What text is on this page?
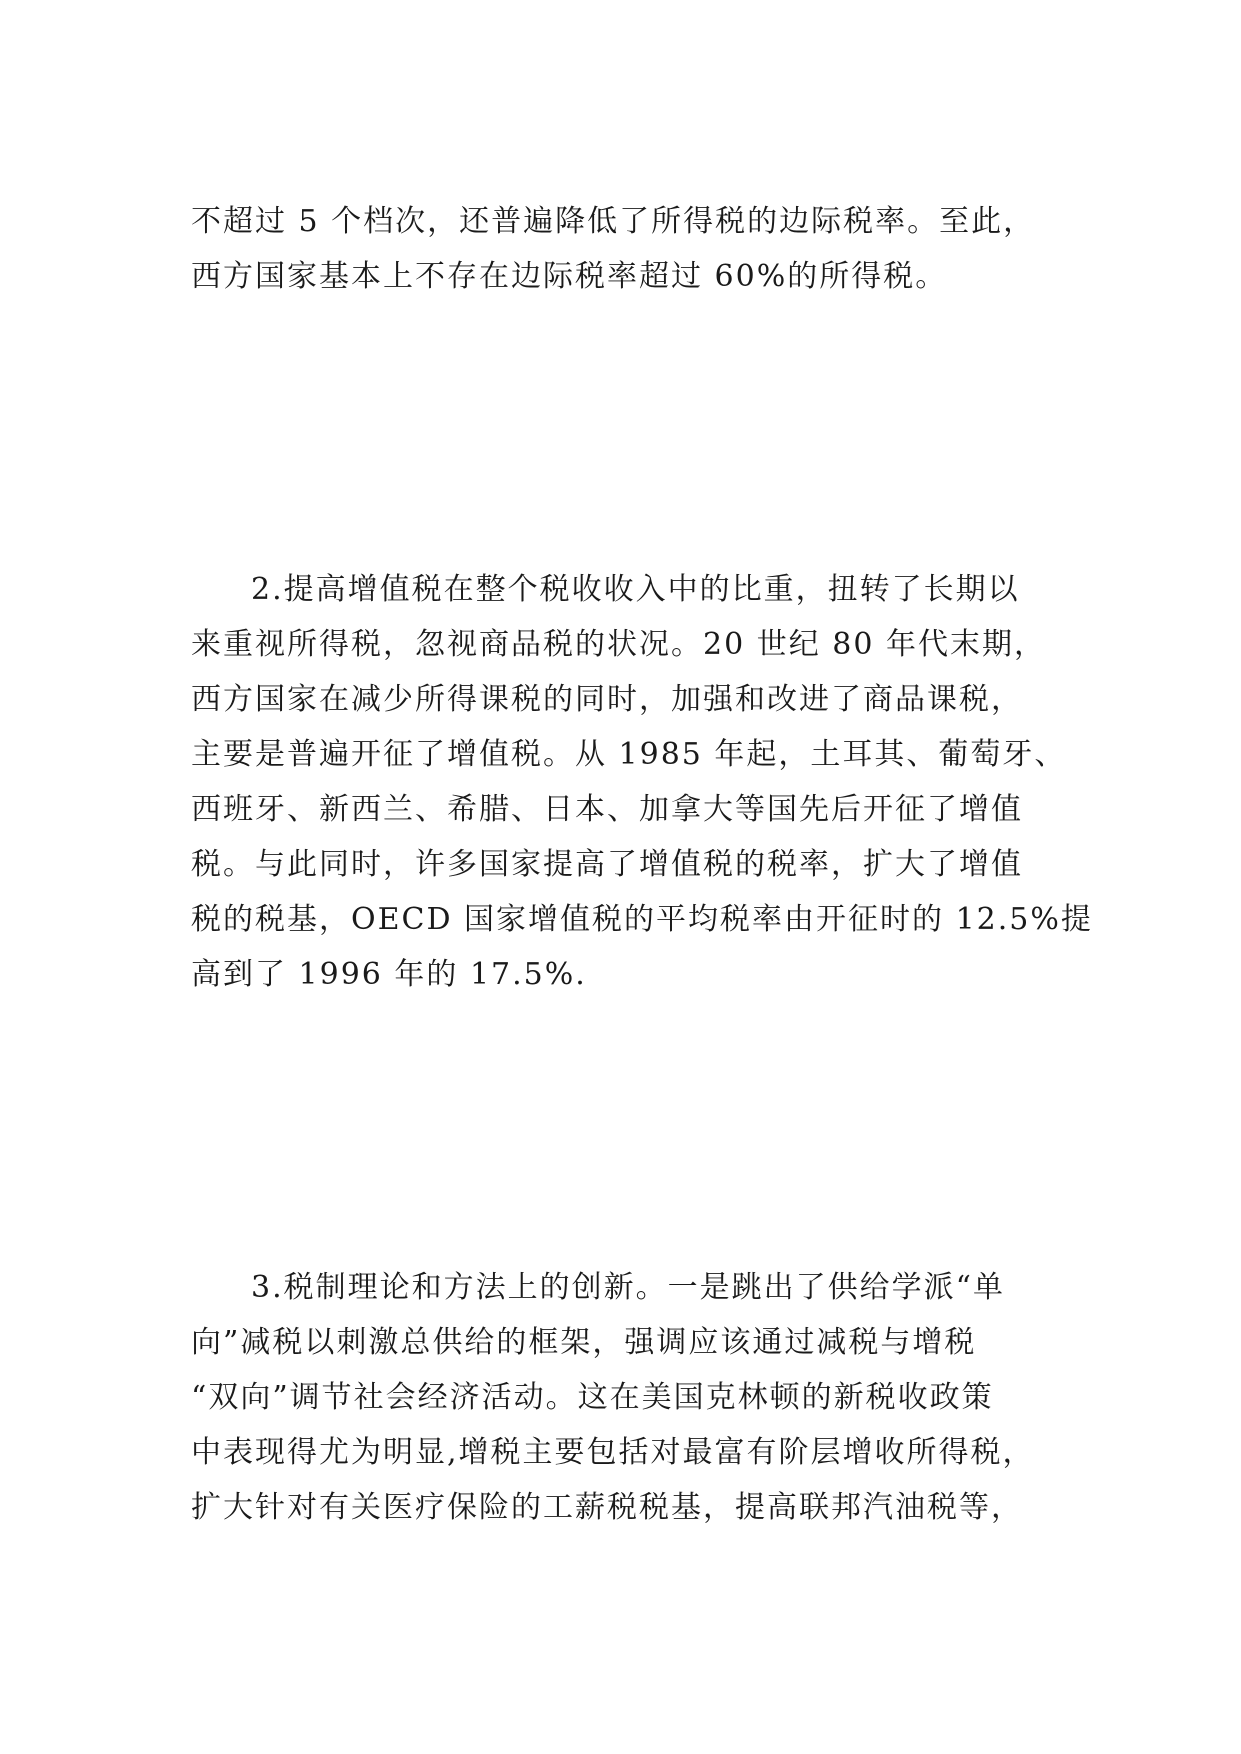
不超过 5 个档次，还普遍降低了所得税的边际税率。至此，
西方国家基本上不存在边际税率超过 60%的所得税。
2.提高增值税在整个税收收入中的比重，扭转了长期以
来重视所得税，忽视商品税的状况。20 世纪 80 年代末期，
西方国家在减少所得课税的同时，加强和改进了商品课税，
主要是普遍开征了增值税。从 1985 年起，土耳其、葡萄牙、
西班牙、新西兰、希腊、日本、加拿大等国先后开征了增值
税。与此同时，许多国家提高了增值税的税率，扩大了增值
税的税基，OECD 国家增值税的平均税率由开征时的 12.5%提
高到了 1996 年的 17.5%.
3.税制理论和方法上的创新。一是跳出了供给学派“单
向”减税以刺激总供给的框架，强调应该通过减税与增税
“双向”调节社会经济活动。这在美国克林顿的新税收政策
中表现得尤为明显,增税主要包括对最富有阶层增收所得税，
扩大针对有关医疗保险的工薪税税基，提高联邦汽油税等，
